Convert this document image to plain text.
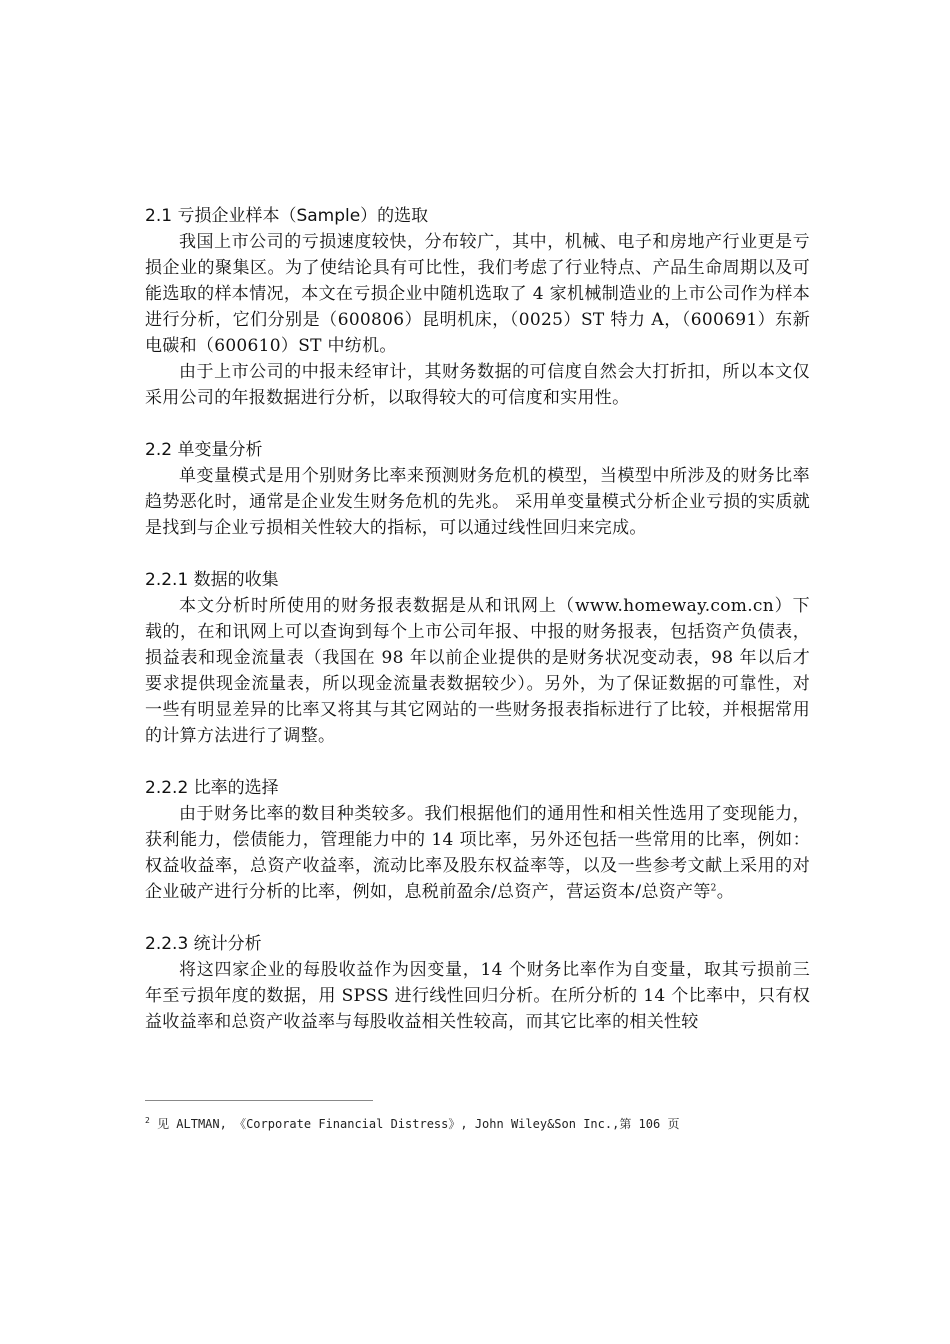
2.1 亏损企业样本（Sample）的选取

我国上市公司的亏损速度较快，分布较广，其中，机械、电子和房地产行业更是亏损企业的聚集区。为了使结论具有可比性，我们考虑了行业特点、产品生命周期以及可能选取的样本情况，本文在亏损企业中随机选取了 4 家机械制造业的上市公司作为样本进行分析，它们分别是（600806）昆明机床，（0025）ST 特力 A，（600691）东新电碳和（600610）ST 中纺机。

由于上市公司的中报未经审计，其财务数据的可信度自然会大打折扣，所以本文仅采用公司的年报数据进行分析，以取得较大的可信度和实用性。

2.2 单变量分析

单变量模式是用个别财务比率来预测财务危机的模型，当模型中所涉及的财务比率趋势恶化时，通常是企业发生财务危机的先兆。 采用单变量模式分析企业亏损的实质就是找到与企业亏损相关性较大的指标，可以通过线性回归来完成。

2.2.1 数据的收集

本文分析时所使用的财务报表数据是从和讯网上（www.homeway.com.cn）下载的，在和讯网上可以查询到每个上市公司年报、中报的财务报表，包括资产负债表，损益表和现金流量表（我国在 98 年以前企业提供的是财务状况变动表，98 年以后才要求提供现金流量表，所以现金流量表数据较少）。另外，为了保证数据的可靠性，对一些有明显差异的比率又将其与其它网站的一些财务报表指标进行了比较，并根据常用的计算方法进行了调整。

2.2.2 比率的选择

由于财务比率的数目种类较多。我们根据他们的通用性和相关性选用了变现能力，获利能力，偿债能力，管理能力中的 14 项比率，另外还包括一些常用的比率，例如：权益收益率，总资产收益率，流动比率及股东权益率等，以及一些参考文献上采用的对企业破产进行分析的比率，例如，息税前盈余/总资产，营运资本/总资产等$^2$。

2.2.3 统计分析

将这四家企业的每股收益作为因变量，14 个财务比率作为自变量，取其亏损前三年至亏损年度的数据，用 SPSS 进行线性回归分析。在所分析的 14 个比率中，只有权益收益率和总资产收益率与每股收益相关性较高，而其它比率的相关性较

$^2$ 见 ALTMAN, 《Corporate Financial Distress》, John Wiley&Son Inc.,第 106 页
